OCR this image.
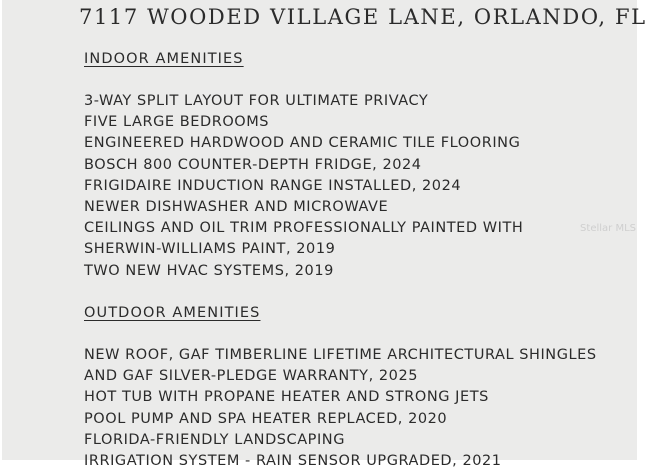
7117 WOODED VILLAGE LANE, ORLANDO, FL
INDOOR AMENITIES
3-WAY SPLIT LAYOUT FOR ULTIMATE PRIVACY
FIVE LARGE BEDROOMS
ENGINEERED HARDWOOD AND CERAMIC TILE FLOORING
BOSCH 800 COUNTER-DEPTH FRIDGE, 2024
FRIGIDAIRE INDUCTION RANGE INSTALLED, 2024
NEWER DISHWASHER AND MICROWAVE
CEILINGS AND OIL TRIM PROFESSIONALLY PAINTED WITH
SHERWIN-WILLIAMS PAINT, 2019
TWO NEW HVAC SYSTEMS, 2019
OUTDOOR AMENITIES
NEW ROOF, GAF TIMBERLINE LIFETIME ARCHITECTURAL SHINGLES
AND GAF SILVER-PLEDGE WARRANTY, 2025
HOT TUB WITH PROPANE HEATER AND STRONG JETS
POOL PUMP AND SPA HEATER REPLACED, 2020
FLORIDA-FRIENDLY LANDSCAPING
IRRIGATION SYSTEM - RAIN SENSOR UPGRADED, 2021
Stellar MLS
